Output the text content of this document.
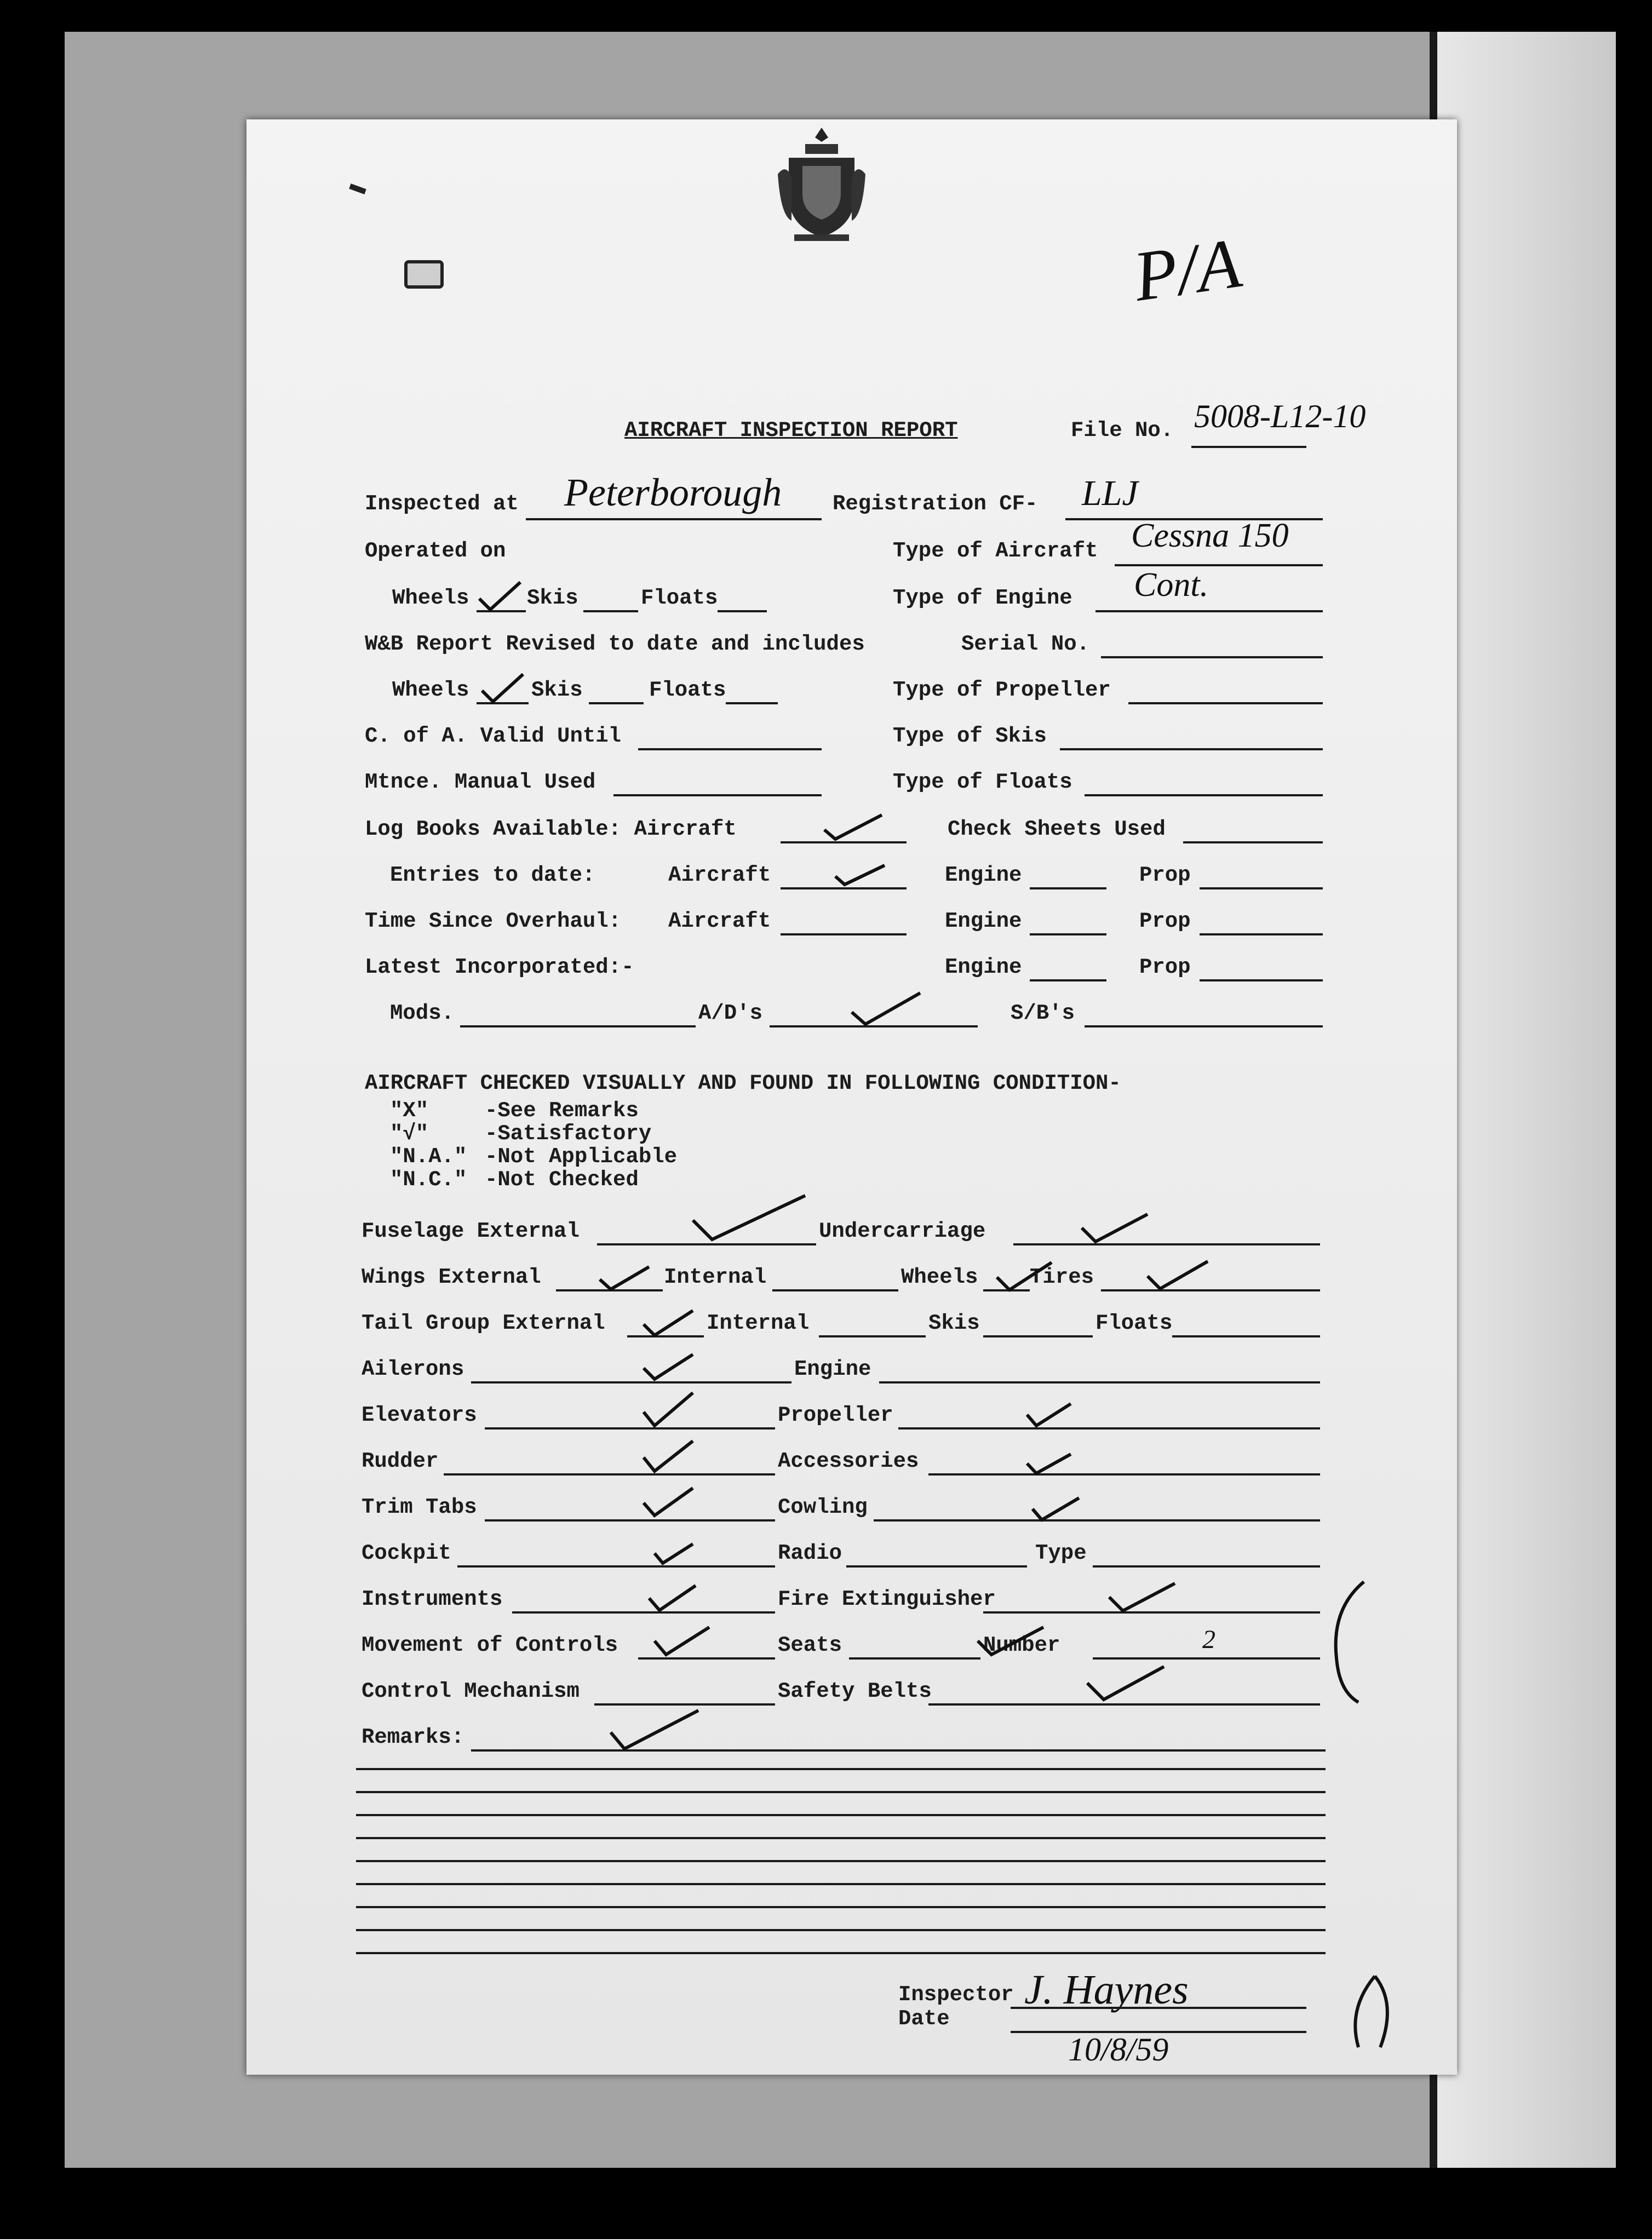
P/A
AIRCRAFT INSPECTION REPORT	File No. 5008-L12-10
Inspected at Peterborough Registration CF- LLJ
Operated on	Type of Aircraft Cessna 150
Wheels	Skis	Floats	Type of Engine Cont.
W&B Report Revised to date and includes	Serial No.
Wheels	Skis	Floats	Type of Propeller
C. of A. Valid Until	Type of Skis
Mtnce. Manual Used	Type of Floats
Log Books Available: Aircraft	Check Sheets Used
Entries to date:	Aircraft	Engine	Prop
Time Since Overhaul: Aircraft	Engine	Prop
Latest Incorporated:-	Engine	Prop
Mods.	A/D's	S/B's
AIRCRAFT CHECKED VISUALLY AND FOUND IN FOLLOWING CONDITION-
"X"	-See Remarks
"√"	-Satisfactory
"N.A." -Not Applicable
"N.C." -Not Checked
Fuselage External	Undercarriage
Wings External	Internal	Wheels Tires
Tail Group External	Internal	Skis	Floats
Ailerons	Engine
Elevators	Propeller
Rudder	Accessories
Trim Tabs	Cowling
Cockpit	Radio	Type
Instruments	Fire Extinguisher
Movement of Controls	Seats	Number	2
Control Mechanism	Safety Belts
Remarks:
Inspector J. Haynes
Date
10/8/59
